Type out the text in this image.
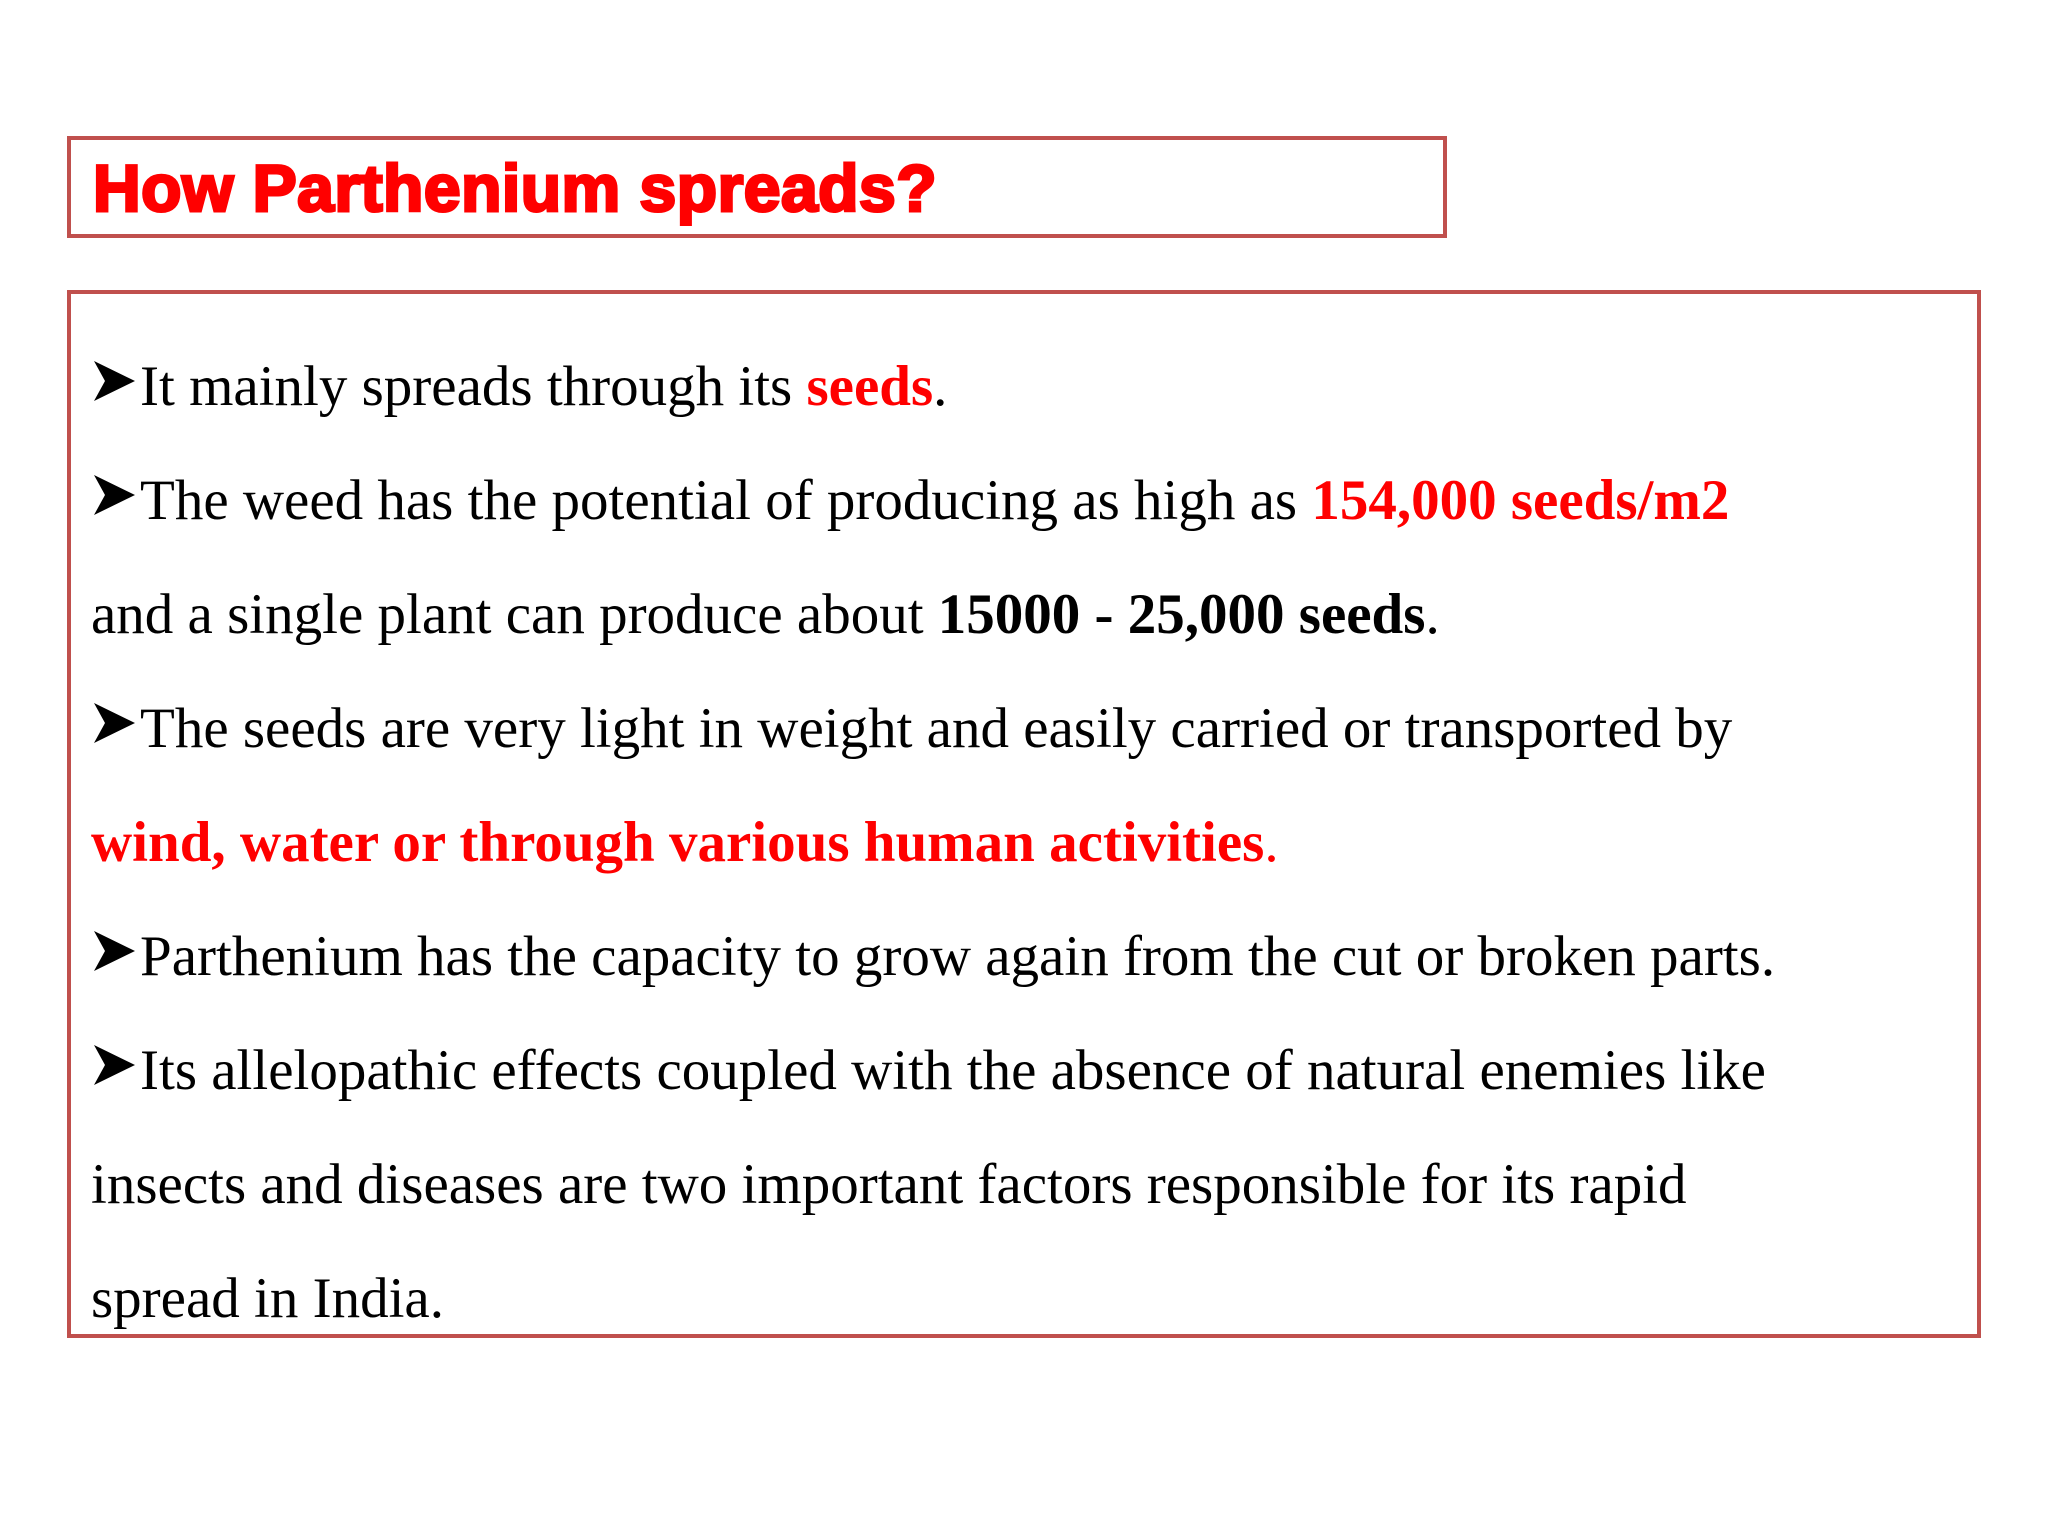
How Parthenium spreads?
It mainly spreads through its seeds.
The weed has the potential of producing as high as 154,000 seeds/m2
and a single plant can produce about 15000 - 25,000 seeds.
The seeds are very light in weight and easily carried or transported by
wind, water or through various human activities.
Parthenium has the capacity to grow again from the cut or broken parts.
Its allelopathic effects coupled with the absence of natural enemies like
insects and diseases are two important factors responsible for its rapid
spread in India.
